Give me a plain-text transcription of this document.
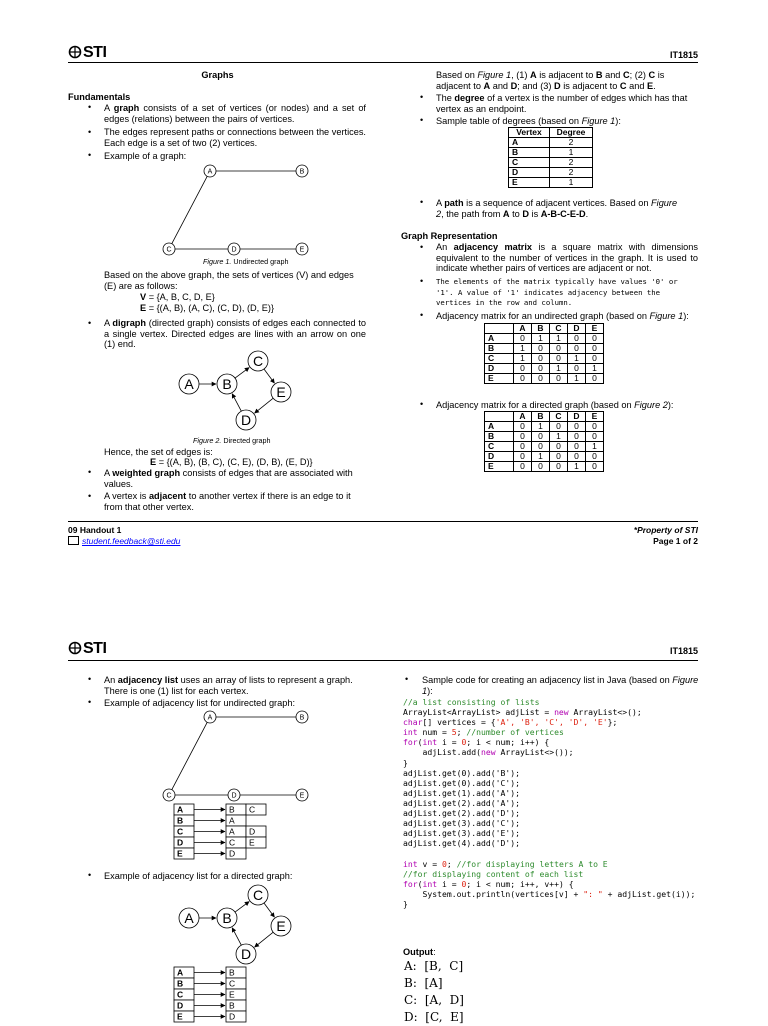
STI	IT1815
Graphs
Fundamentals
• A graph consists of a set of vertices (or nodes) and a set of edges (relations) between the pairs of vertices.
• The edges represent paths or connections between the vertices. Each edge is a set of two (2) vertices.
• Example of a graph:
A	B
C	D	E
Figure 1. Undirected graph
Based on the above graph, the sets of vertices (V) and edges (E) are as follows:
V = {A, B, C, D, E}
E = {(A, B), (A, C), (C, D), (D, E)}
• A digraph (directed graph) consists of edges each connected to a single vertex. Directed edges are lines with an arrow on one (1) end.
A B
C
D
E
Figure 2. Directed graph
Hence, the set of edges is:
E = {(A, B), (B, C), (C, E), (D, B), (E, D)}
• A weighted graph consists of edges that are associated with values.
• A vertex is adjacent to another vertex if there is an edge to it from that other vertex.
Based on Figure 1, (1) A is adjacent to B and C; (2) C is
adjacent to A and D; and (3) D is adjacent to C and E.
• The degree of a vertex is the number of edges which has that vertex as an endpoint.
• Sample table of degrees (based on Figure 1):
Vertex	Degree
A	2
B	1
C	2
D	2
E	1
• A path is a sequence of adjacent vertices. Based on Figure
2, the path from A to D is A-B-C-E-D.
Graph Representation
• An adjacency matrix is a square matrix with dimensions equivalent to the number of vertices in the graph. It is used to indicate whether pairs of vertices are adjacent or not.
• The elements of the matrix typically have values '0' or '1'. A value of '1' indicates adjacency between the vertices in the row and column.
• Adjacency matrix for an undirected graph (based on Figure 1):
	A	B	C	D	E
A	0	1	1	0	0
B	1	0	0	0	0
C	1	0	0	1	0
D	0	0	1	0	1
E	0	0	0	1	0
• Adjacency matrix for a directed graph (based on Figure 2):
	A	B	C	D	E
A	0	1	0	0	0
B	0	0	1	0	0
C	0	0	0	0	1
D	0	1	0	0	0
E	0	0	0	1	0
09 Handout 1
student.feedback@sti.edu
*Property of STI
Page 1 of 2
STI	IT1815
• An adjacency list uses an array of lists to represent a graph. There is one (1) list for each vertex.
• Example of adjacency list for undirected graph:
A	B
C	D	E
A	B C
B	A
C	A D
D	C E
E	D
• Example of adjacency list for a directed graph:
A B
C
D
E
A	B
B	C
C	E
D	B
E	D
• Sample code for creating an adjacency list in Java (based on Figure 1):
//a list consisting of lists
ArrayList<ArrayList> adjList = new ArrayList<>();
char[] vertices = {'A', 'B', 'C', 'D', 'E'};
int num = 5; //number of vertices
for(int i = 0; i < num; i++) {
adjList.add(new ArrayList<>());
}
adjList.get(0).add('B');
adjList.get(0).add('C');
adjList.get(1).add('A');
adjList.get(2).add('A');
adjList.get(2).add('D');
adjList.get(3).add('C');
adjList.get(3).add('E');
adjList.get(4).add('D');

int v = 0; //for displaying letters A to E
//for displaying content of each list
for(int i = 0; i < num; i++, v++) {
System.out.println(vertices[v] + ": " + adjList.get(i));
}
Output:
A:  [B,  C]
B:  [A]
C:  [A,  D]
D:  [C,  E]
